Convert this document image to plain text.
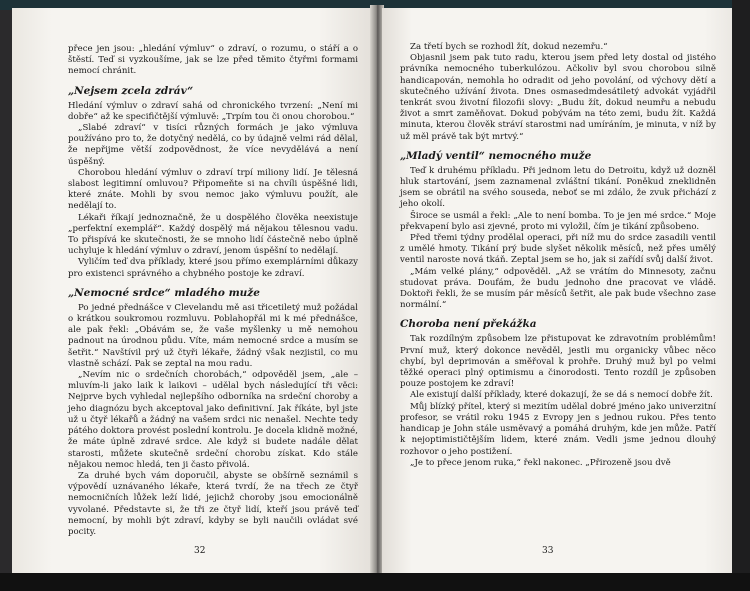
přece jen jsou: „hledání výmluv“ o zdraví, o rozumu, o stáří a o štěstí. Teď si vyzkoušíme, jak se lze před těmito čtyřmi formami nemocí chránit.

„Nejsem zcela zdráv“

Hledání výmluv o zdraví sahá od chronického tvrzení: „Není mi dobře“ až ke specifičtější výmluvě: „Trpím tou či onou chorobou.“

„Slabé zdraví“ v tisíci různých formách je jako výmluva používáno pro to, že dotyčný nedělá, co by údajně velmi rád dělal, že nepřijme větší zodpovědnost, že více nevydělává a není úspěšný.

Chorobou hledání výmluv o zdraví trpí miliony lidí. Je tělesná slabost legitimní omluvou? Připomeňte si na chvíli úspěšné lidi, které znáte. Mohli by svou nemoc jako výmluvu použít, ale nedělají to.

Lékaři říkají jednoznačně, že u dospělého člověka neexistuje „perfektní exemplář“. Každý dospělý má nějakou tělesnou vadu. To přispívá ke skutečnosti, že se mnoho lidí částečně nebo úplně uchyluje k hledání výmluv o zdraví, jenom úspěšní to nedělají.

Vyličím teď dva příklady, které jsou přímo exemplárními důkazy pro existenci správného a chybného postoje ke zdraví.

„Nemocné srdce“ mladého muže

Po jedné přednášce v Clevelandu mě asi třicetiletý muž požádal o krátkou soukromou rozmluvu. Poblahopřál mi k mé přednášce, ale pak řekl: „Obávám se, že vaše myšlenky u mě nemohou padnout na úrodnou půdu. Víte, mám nemocné srdce a musím se šetřit.“ Navštívil prý už čtyři lékaře, žádný však nezjistil, co mu vlastně schází. Pak se zeptal na mou radu.

„Nevím nic o srdečních chorobách,“ odpověděl jsem, „ale – mluvím-li jako laik k laikovi – udělal bych následující tři věci: Nejprve bych vyhledal nejlepšího odborníka na srdeční choroby a jeho diagnózu bych akceptoval jako definitivní. Jak říkáte, byl jste už u čtyř lékařů a žádný na vašem srdci nic nenašel. Nechte tedy pátého doktora provést poslední kontrolu. Je docela klidně možné, že máte úplně zdravé srdce. Ale když si budete nadále dělat starosti, můžete skutečně srdeční chorobu získat. Kdo stále nějakou nemoc hledá, ten ji často přivolá.

Za druhé bych vám doporučil, abyste se obšírně seznámil s výpovědí uznávaného lékaře, která tvrdí, že na třech ze čtyř nemocničních lůžek leží lidé, jejichž choroby jsou emocionálně vyvolané. Představte si, že tři ze čtyř lidí, kteří jsou právě teď nemocní, by mohli být zdraví, kdyby se byli naučili ovládat své pocity.

32

Za třetí bych se rozhodl žít, dokud nezemřu.“

Objasnil jsem pak tuto radu, kterou jsem před lety dostal od jistého právníka nemocného tuberkulózou. Ačkoliv byl svou chorobou silně handicapován, nemohla ho odradit od jeho povolání, od výchovy dětí a skutečného užívání života. Dnes osmasedmdesátiletý advokát vyjádřil tenkrát svou životní filozofii slovy: „Budu žít, dokud neumřu a nebudu život a smrt zaměňovat. Dokud pobývám na této zemi, budu žít. Každá minuta, kterou člověk stráví starostmi nad umíráním, je minuta, v níž by už měl právě tak být mrtvý.“

„Mladý ventil“ nemocného muže

Teď k druhému příkladu. Při jednom letu do Detroitu, když už dozněl hluk startování, jsem zaznamenal zvláštní tikání. Poněkud zneklidněn jsem se obrátil na svého souseda, neboť se mi zdálo, že zvuk přichází z jeho okolí.

Široce se usmál a řekl: „Ale to není bomba. To je jen mé srdce.“ Moje překvapení bylo asi zjevné, proto mi vyložil, čím je tikání způsobeno.

Před třemi týdny prodělal operaci, při níž mu do srdce zasadili ventil z umělé hmoty. Tikání prý bude slyšet několik měsíců, než přes umělý ventil naroste nová tkáň. Zeptal jsem se ho, jak si zařídí svůj další život.

„Mám velké plány,“ odpověděl. „Až se vrátím do Minnesoty, začnu studovat práva. Doufám, že budu jednoho dne pracovat ve vládě. Doktoři řekli, že se musím pár měsíců šetřit, ale pak bude všechno zase normální.“

Choroba není překážka

Tak rozdílným způsobem lze přistupovat ke zdravotním problémům! První muž, který dokonce nevěděl, jestli mu organicky vůbec něco chybí, byl deprimován a směřoval k prohře. Druhý muž byl po velmi těžké operaci plný optimismu a činorodosti. Tento rozdíl je způsoben pouze postojem ke zdraví!

Ale existují další příklady, které dokazují, že se dá s nemocí dobře žít.

Můj blízký přítel, který si mezitím udělal dobré jméno jako univerzitní profesor, se vrátil roku 1945 z Evropy jen s jednou rukou. Přes tento handicap je John stále usměvavý a pomáhá druhým, kde jen může. Patří k nejoptimističtějším lidem, které znám. Vedli jsme jednou dlouhý rozhovor o jeho postižení.

„Je to přece jenom ruka,“ řekl nakonec. „Přirozeně jsou dvě

33
